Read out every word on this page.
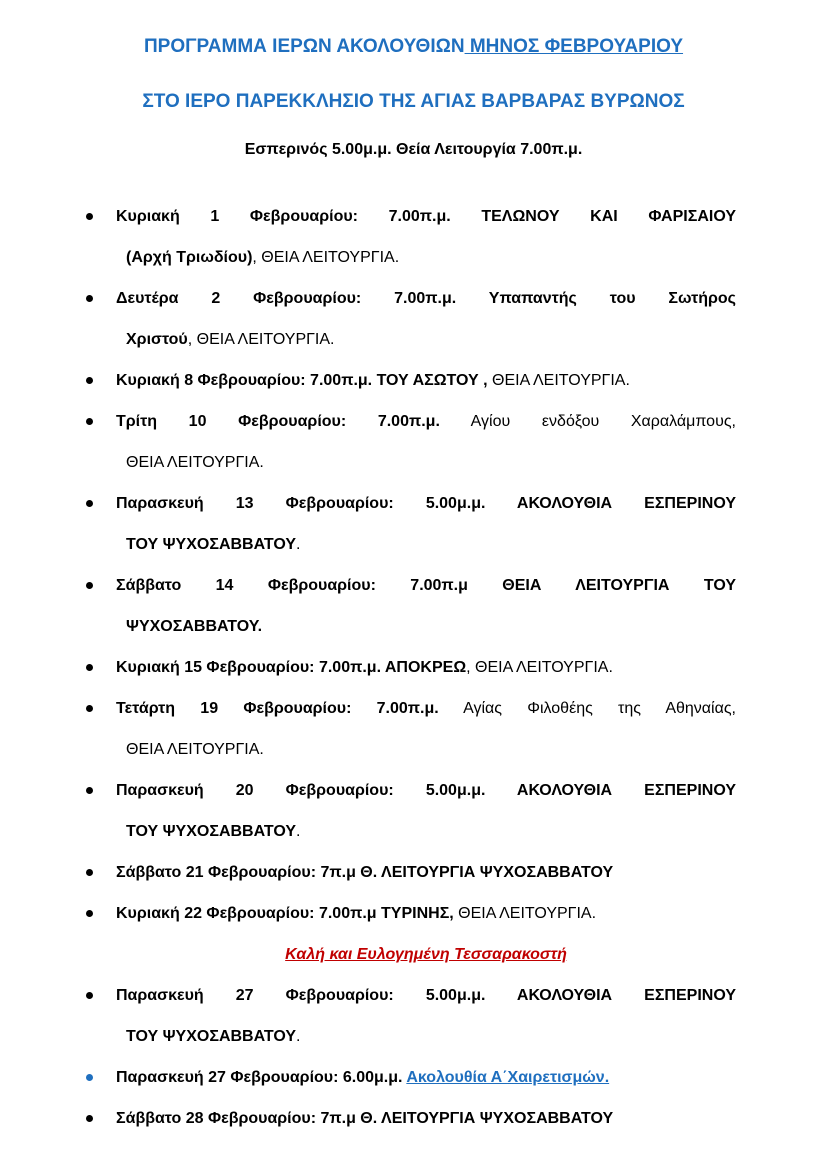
ΠΡΟΓΡΑΜΜΑ ΙΕΡΩΝ ΑΚΟΛΟΥΘΙΩΝ ΜΗΝΟΣ ΦΕΒΡΟΥΑΡΙΟΥ
ΣΤΟ ΙΕΡΟ ΠΑΡΕΚΚΛΗΣΙΟ ΤΗΣ ΑΓΙΑΣ ΒΑΡΒΑΡΑΣ ΒΥΡΩΝΟΣ
Εσπερινός 5.00μ.μ. Θεία Λειτουργία 7.00π.μ.
Κυριακή 1 Φεβρουαρίου: 7.00π.μ. ΤΕΛΩΝΟΥ ΚΑΙ ΦΑΡΙΣΑΙΟΥ
(Αρχή Τριωδίου), ΘΕΙΑ ΛΕΙΤΟΥΡΓΙΑ.
Δευτέρα 2 Φεβρουαρίου: 7.00π.μ. Υπαπαντής του Σωτήρος
Χριστού, ΘΕΙΑ ΛΕΙΤΟΥΡΓΙΑ.
Κυριακή 8 Φεβρουαρίου: 7.00π.μ. ΤΟΥ ΑΣΩΤΟΥ , ΘΕΙΑ ΛΕΙΤΟΥΡΓΙΑ.
Τρίτη 10 Φεβρουαρίου: 7.00π.μ. Αγίου ενδόξου Χαραλάμπους,
ΘΕΙΑ ΛΕΙΤΟΥΡΓΙΑ.
Παρασκευή 13 Φεβρουαρίου: 5.00μ.μ. ΑΚΟΛΟΥΘΙΑ ΕΣΠΕΡΙΝΟΥ
ΤΟΥ ΨΥΧΟΣΑΒΒΑΤΟΥ.
Σάββατο 14 Φεβρουαρίου: 7.00π.μ ΘΕΙΑ ΛΕΙΤΟΥΡΓΙΑ ΤΟΥ
ΨΥΧΟΣΑΒΒΑΤΟΥ.
Κυριακή 15 Φεβρουαρίου: 7.00π.μ. ΑΠΟΚΡΕΩ, ΘΕΙΑ ΛΕΙΤΟΥΡΓΙΑ.
Τετάρτη 19 Φεβρουαρίου: 7.00π.μ. Αγίας Φιλοθέης της Αθηναίας,
ΘΕΙΑ ΛΕΙΤΟΥΡΓΙΑ.
Παρασκευή 20 Φεβρουαρίου: 5.00μ.μ. ΑΚΟΛΟΥΘΙΑ ΕΣΠΕΡΙΝΟΥ
ΤΟΥ ΨΥΧΟΣΑΒΒΑΤΟΥ.
Σάββατο 21 Φεβρουαρίου: 7π.μ Θ. ΛΕΙΤΟΥΡΓΙΑ ΨΥΧΟΣΑΒΒΑΤΟΥ
Κυριακή 22 Φεβρουαρίου: 7.00π.μ ΤΥΡΙΝΗΣ, ΘΕΙΑ ΛΕΙΤΟΥΡΓΙΑ.
Καλή και Ευλογημένη Τεσσαρακοστή
Παρασκευή 27 Φεβρουαρίου: 5.00μ.μ. ΑΚΟΛΟΥΘΙΑ ΕΣΠΕΡΙΝΟΥ
ΤΟΥ ΨΥΧΟΣΑΒΒΑΤΟΥ.
Παρασκευή 27 Φεβρουαρίου: 6.00μ.μ. Ακολουθία Α΄Χαιρετισμών.
Σάββατο 28 Φεβρουαρίου: 7π.μ Θ. ΛΕΙΤΟΥΡΓΙΑ ΨΥΧΟΣΑΒΒΑΤΟΥ
